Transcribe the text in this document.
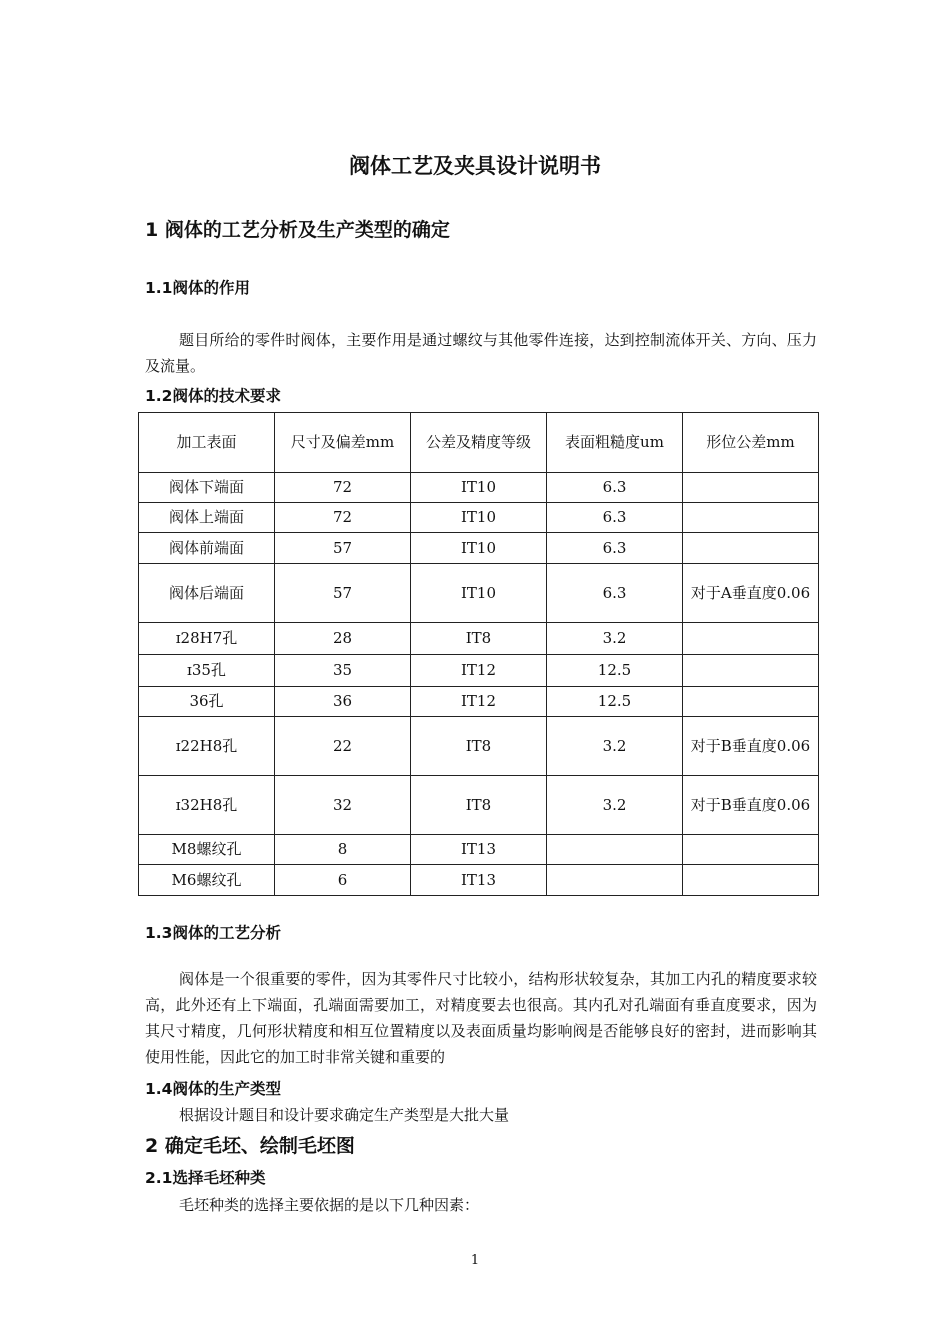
阀体工艺及夹具设计说明书
1 阀体的工艺分析及生产类型的确定
1.1阀体的作用
题目所给的零件时阀体，主要作用是通过螺纹与其他零件连接，达到控制流体开关、方向、压力及流量。
1.2阀体的技术要求
加工表面	尺寸及偏差mm	公差及精度等级	表面粗糙度um	形位公差mm
阀体下端面	72	IT10	6.3	
阀体上端面	72	IT10	6.3	
阀体前端面	57	IT10	6.3	
阀体后端面	57	IT10	6.3	对于A垂直度0.06
ɪ28H7孔	28	IT8	3.2	
ɪ35孔	35	IT12	12.5	
36孔	36	IT12	12.5	
ɪ22H8孔	22	IT8	3.2	对于B垂直度0.06
ɪ32H8孔	32	IT8	3.2	对于B垂直度0.06
M8螺纹孔	8	IT13		
M6螺纹孔	6	IT13		
1.3阀体的工艺分析
阀体是一个很重要的零件，因为其零件尺寸比较小，结构形状较复杂，其加工内孔的精度要求较高，此外还有上下端面，孔端面需要加工，对精度要去也很高。其内孔对孔端面有垂直度要求，因为其尺寸精度，几何形状精度和相互位置精度以及表面质量均影响阀是否能够良好的密封，进而影响其使用性能，因此它的加工时非常关键和重要的
1.4阀体的生产类型
根据设计题目和设计要求确定生产类型是大批大量
2 确定毛坯、绘制毛坯图
2.1选择毛坯种类
毛坯种类的选择主要依据的是以下几种因素：
1
